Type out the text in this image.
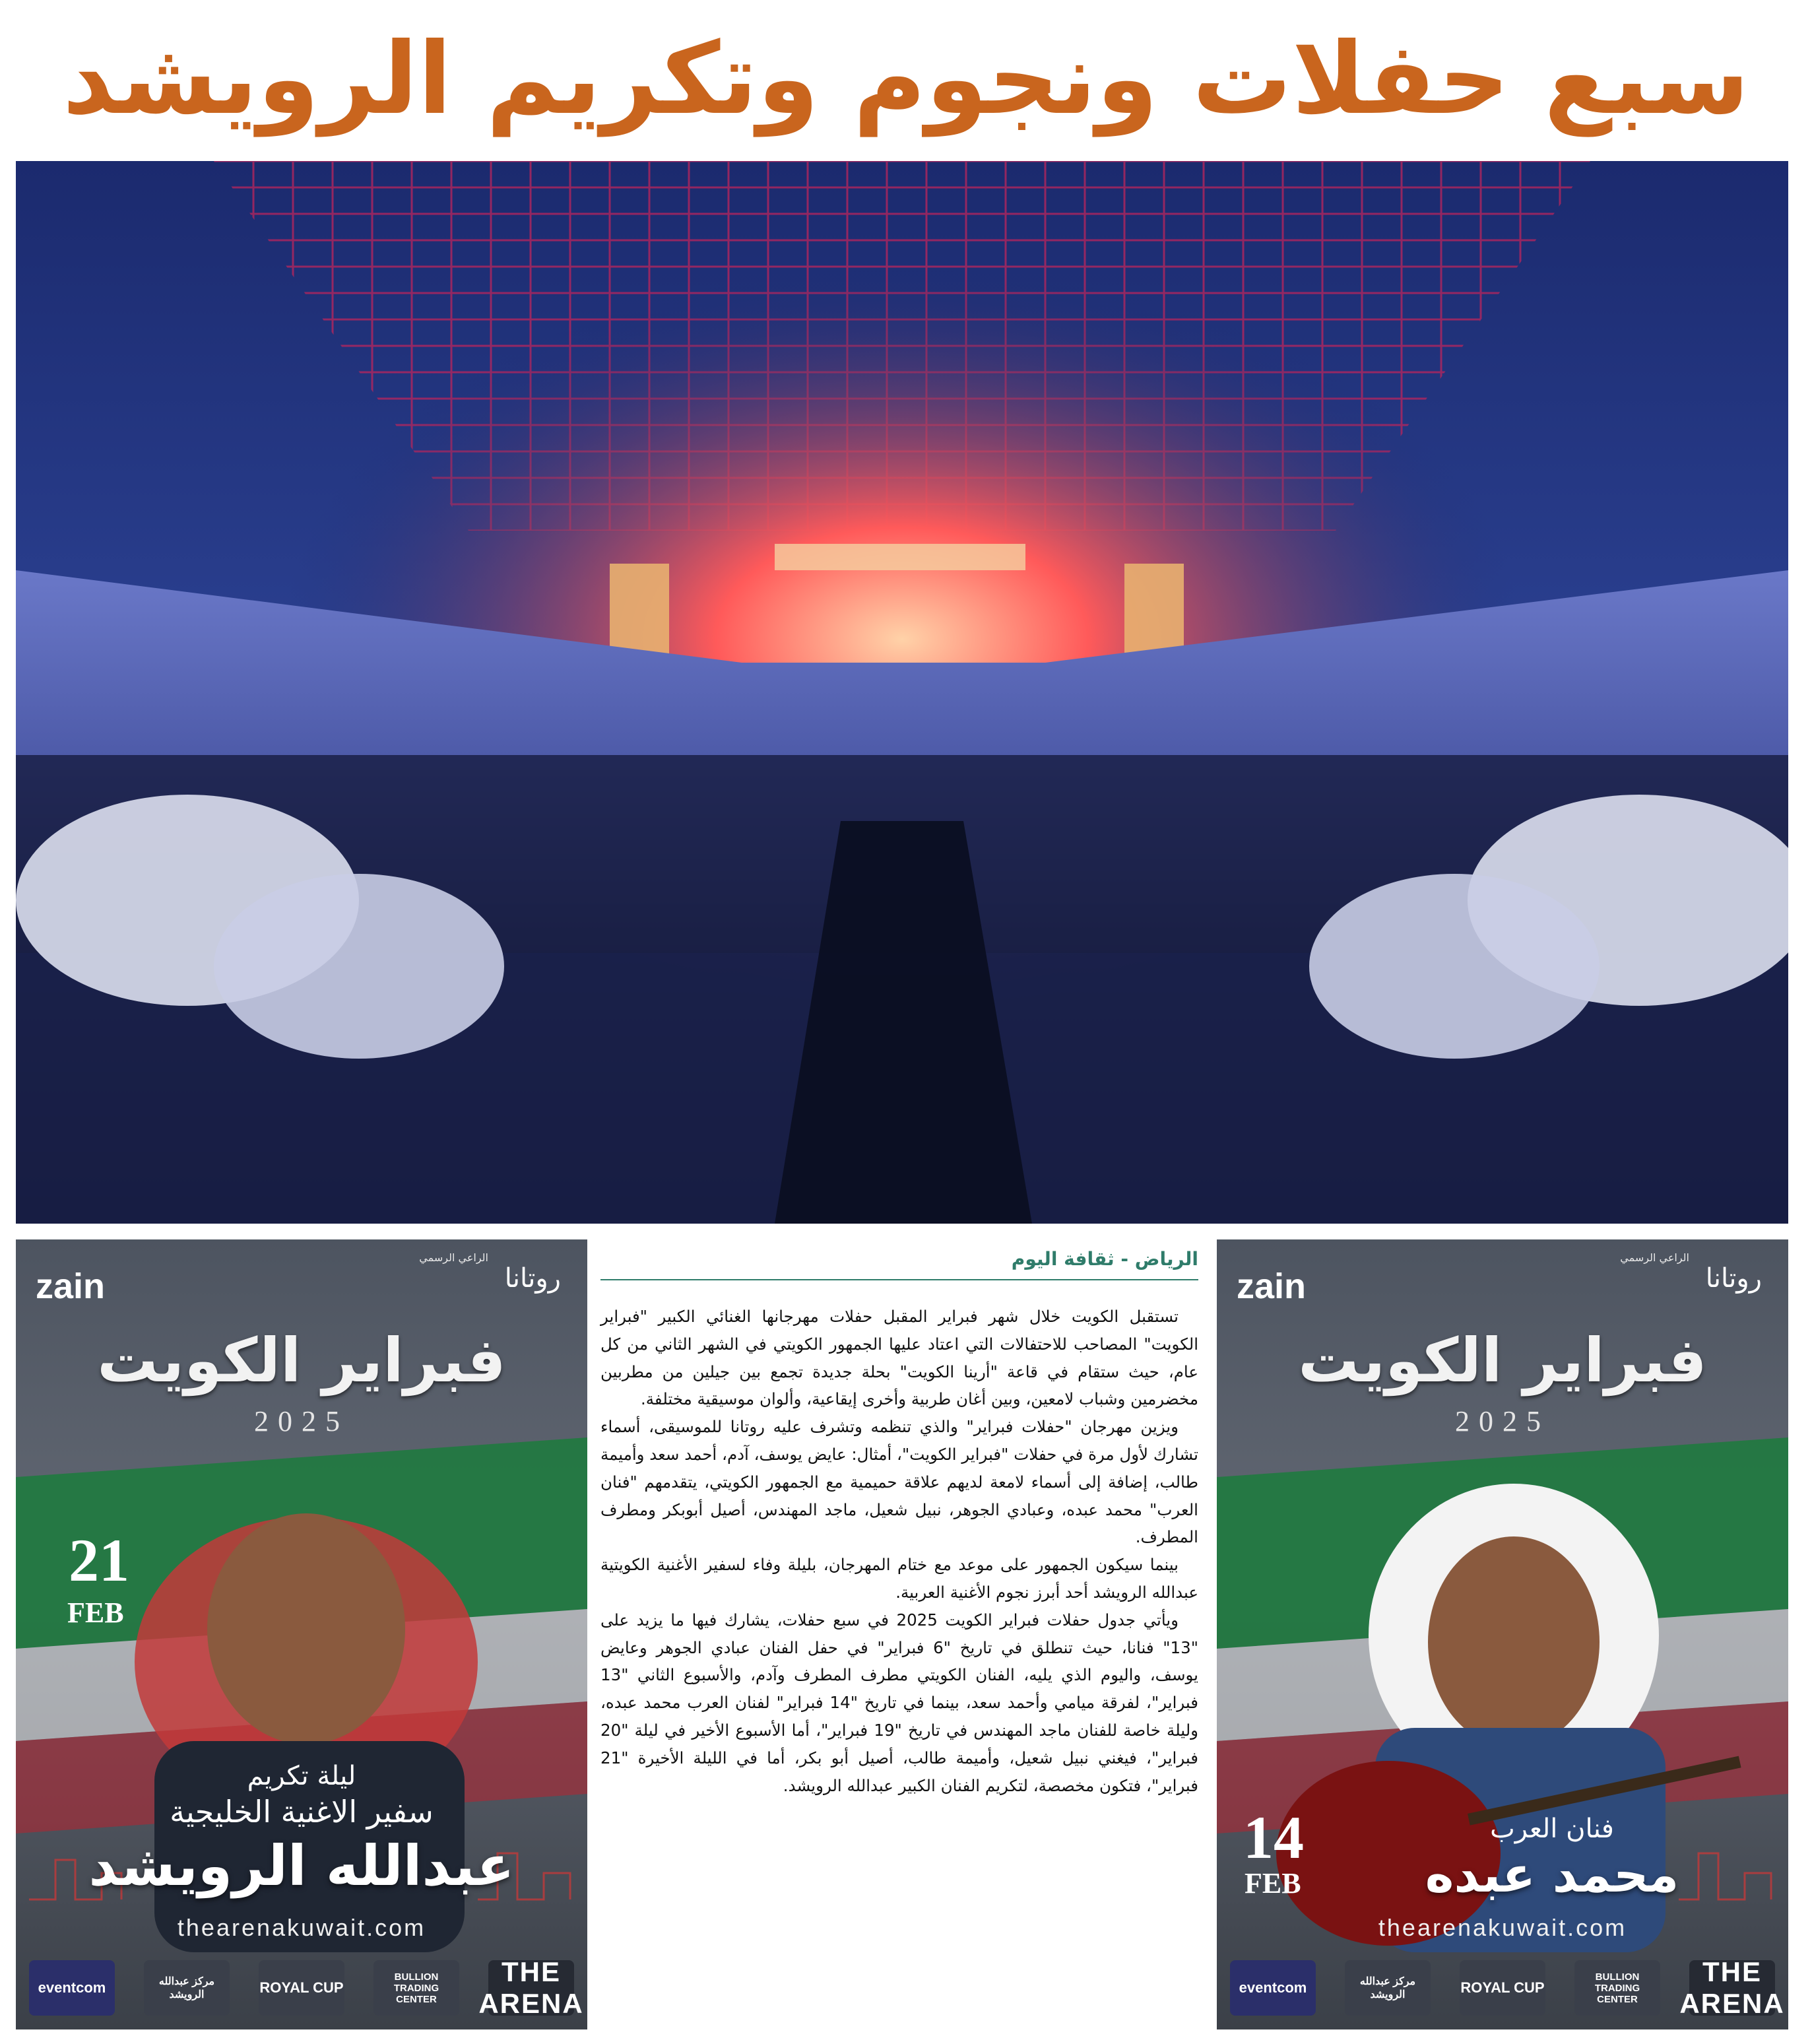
سبع حفلات ونجوم وتكريم الرويشد
الراعي الرسمي
zain	روتانا
فبراير الكويت
2025
21
FEB
ليلة تكريم
سفير الاغنية الخليجية
عبدالله الرويشد
thearenakuwait.com
eventcom	مركز عبدالله الرويشد	ROYAL CUP
BULLION TRADING CENTER
THE ARENA
الرياض - ثقافة اليوم

تستقبل الكويت خلال شهر فبراير المقبل حفلات مهرجانها الغنائي الكبير "فبراير الكويت" المصاحب للاحتفالات التي اعتاد عليها الجمهور الكويتي في الشهر الثاني من كل عام، حيث ستقام في قاعة "أرينا الكويت" بحلة جديدة تجمع بين جيلين من مطربين مخضرمين وشباب لامعين، وبين أغان طربية وأخرى إيقاعية، وألوان موسيقية مختلفة.

ويزين مهرجان "حفلات فبراير" والذي تنظمه وتشرف عليه روتانا للموسيقى، أسماء تشارك لأول مرة في حفلات "فبراير الكويت"، أمثال: عايض يوسف، آدم، أحمد سعد وأميمة طالب، إضافة إلى أسماء لامعة لديهم علاقة حميمية مع الجمهور الكويتي، يتقدمهم "فنان العرب" محمد عبده، وعبادي الجوهر، نبيل شعيل، ماجد المهندس، أصيل أبوبكر ومطرف المطرف.

بينما سيكون الجمهور على موعد مع ختام المهرجان، بليلة وفاء لسفير الأغنية الكويتية عبدالله الرويشد أحد أبرز نجوم الأغنية العربية.

ويأتي جدول حفلات فبراير الكويت 2025 في سبع حفلات، يشارك فيها ما يزيد على "13" فنانا، حيث تنطلق في تاريخ "6 فبراير" في حفل الفنان عبادي الجوهر وعايض يوسف، واليوم الذي يليه، الفنان الكويتي مطرف المطرف وآدم، والأسبوع الثاني "13 فبراير"، لفرقة ميامي وأحمد سعد، بينما في تاريخ "14 فبراير" لفنان العرب محمد عبده، وليلة خاصة للفنان ماجد المهندس في تاريخ "19 فبراير"، أما الأسبوع الأخير في ليلة "20 فبراير"، فيغني نبيل شعيل، وأميمة طالب، أصيل أبو بكر، أما في الليلة الأخيرة "21 فبراير"، فتكون مخصصة، لتكريم الفنان الكبير عبدالله الرويشد.

الراعي الرسمي
zain	روتانا
فبراير الكويت
2025
14
FEB
فنان العرب
محمد عبده
thearenakuwait.com
eventcom	مركز عبدالله الرويشد	ROYAL CUP
BULLION TRADING CENTER
THE ARENA
